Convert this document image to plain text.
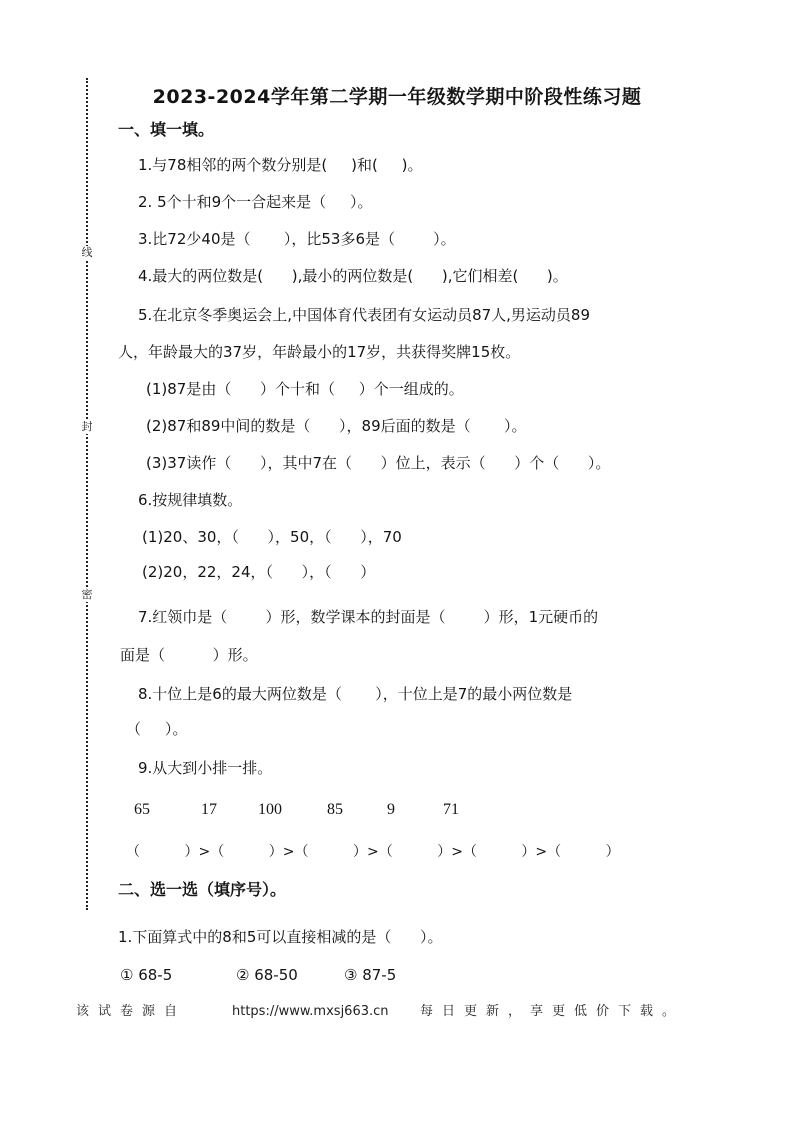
线
封
密
2023-2024学年第二学期一年级数学期中阶段性练习题
一、填一填。
1.与78相邻的两个数分别是(     )和(     )。
2. 5个十和9个一合起来是（     ）。
3.比72少40是（       ），比53多6是（        ）。
4.最大的两位数是(      ),最小的两位数是(      ),它们相差(      )。
5.在北京冬季奥运会上,中国体育代表团有女运动员87人,男运动员89
人，年龄最大的37岁，年龄最小的17岁，共获得奖牌15枚。
(1)87是由（      ）个十和（     ）个一组成的。
(2)87和89中间的数是（      ），89后面的数是（       ）。
(3)37读作（      ），其中7在（      ）位上，表示（      ）个（      ）。
6.按规律填数。
(1)20、30，（      ），50，（      ），70
(2)20，22，24，（      ），（      ）
7.红领巾是（        ）形，数学课本的封面是（        ）形，1元硬币的
面是（          ）形。
8.十位上是6的最大两位数是（       ），十位上是7的最小两位数是
（     ）。
9.从大到小排一排。
65	17	100	85	9	71
（          ）>（          ）>（          ）>（          ）>（          ）>（          ）
二、选一选（填序号）。
1.下面算式中的8和5可以直接相减的是（      ）。
① 68-5	② 68-50	③ 87-5
该试卷源自	https://www.mxsj663.cn 每日更新，享更低价下载。
